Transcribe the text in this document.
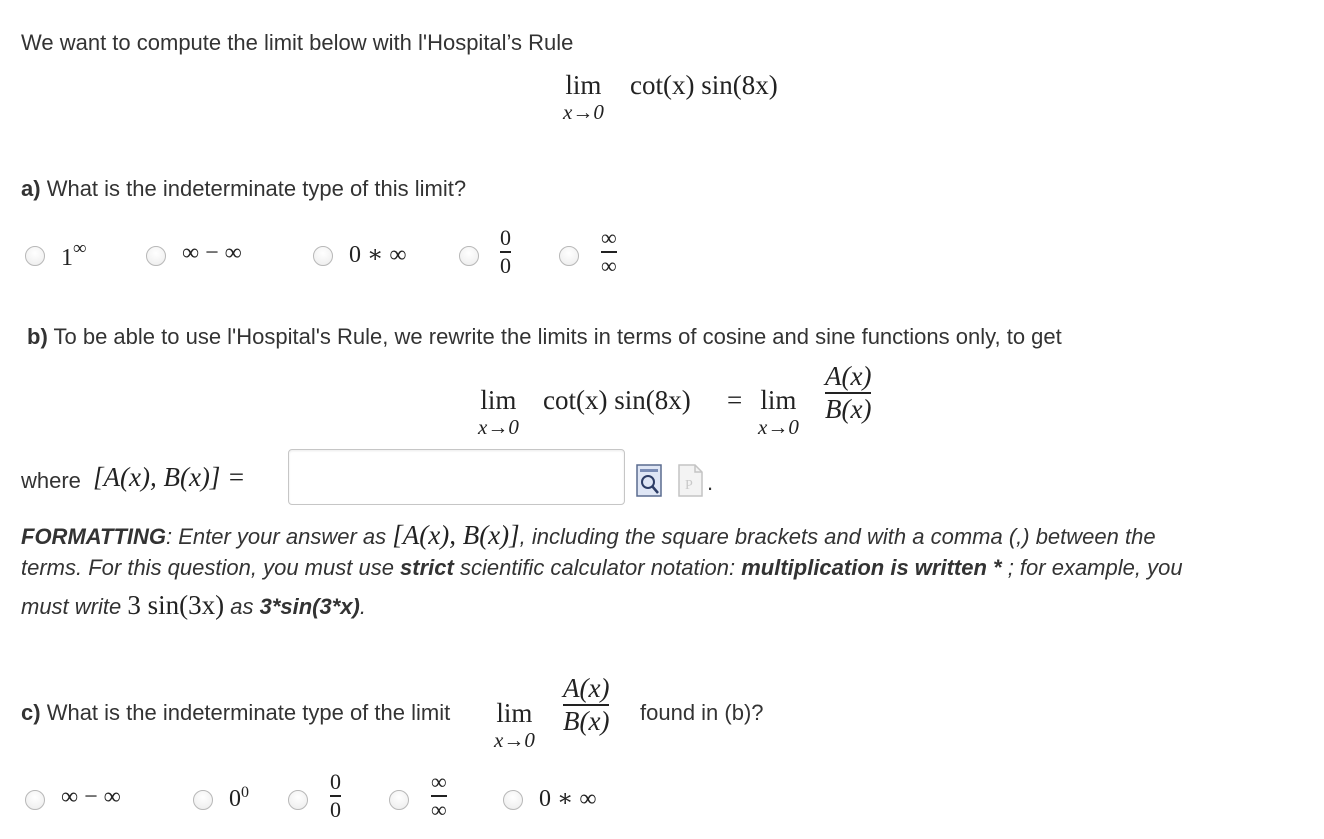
We want to compute the limit below with l'Hospital’s Rule
lim
x→0
cot(x) sin(8x)
a) What is the indeterminate type of this limit?
1∞	∞ − ∞	0 ∗ ∞
0
0
∞
∞
b) To be able to use l'Hospital's Rule, we rewrite the limits in terms of cosine and sine functions only, to get
lim
x→0
cot(x) sin(8x) = lim
x→0
A(x)
B(x)
where [A(x), B(x)] =	P .
FORMATTING: Enter your answer as [A(x), B(x)], including the square brackets and with a comma (,) between the
terms. For this question, you must use strict scientific calculator notation: multiplication is written * ; for example, you
must write 3 sin(3x) as 3*sin(3*x).
c) What is the indeterminate type of the limit lim
x→0
A(x)
B(x) found in (b)?
∞ − ∞	$0^0$	0
0
∞
∞	0 ∗ ∞
